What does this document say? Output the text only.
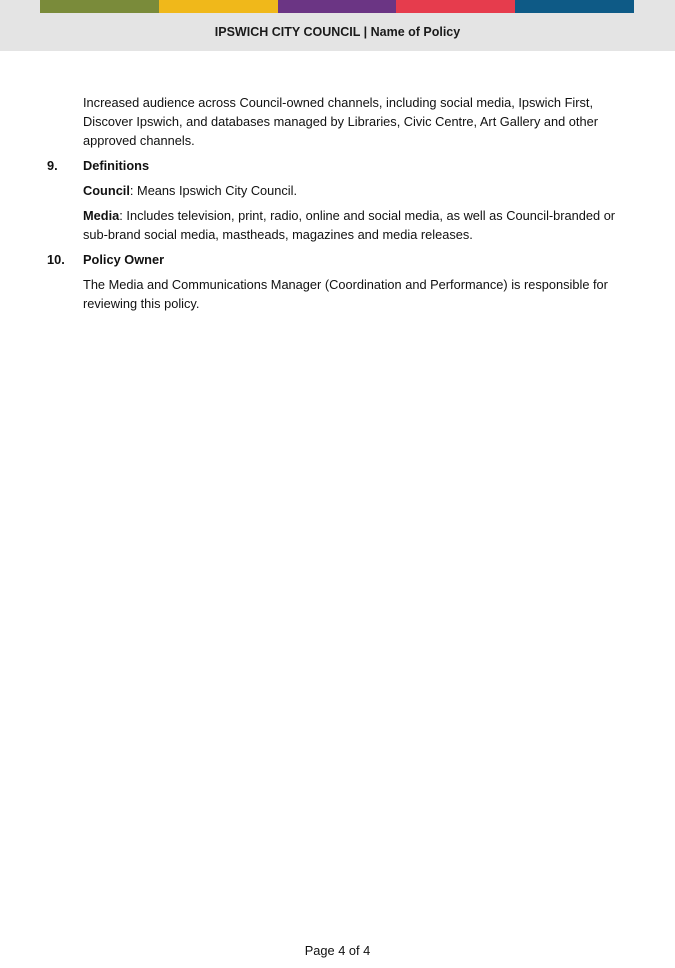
IPSWICH CITY COUNCIL | Name of Policy

Increased audience across Council-owned channels, including social media, Ipswich First, Discover Ipswich, and databases managed by Libraries, Civic Centre, Art Gallery and other approved channels.

9.	Definitions

Council: Means Ipswich City Council.

Media: Includes television, print, radio, online and social media, as well as Council-branded or sub-brand social media, mastheads, magazines and media releases.

10.	Policy Owner

The Media and Communications Manager (Coordination and Performance) is responsible for reviewing this policy.

Page 4 of 4
